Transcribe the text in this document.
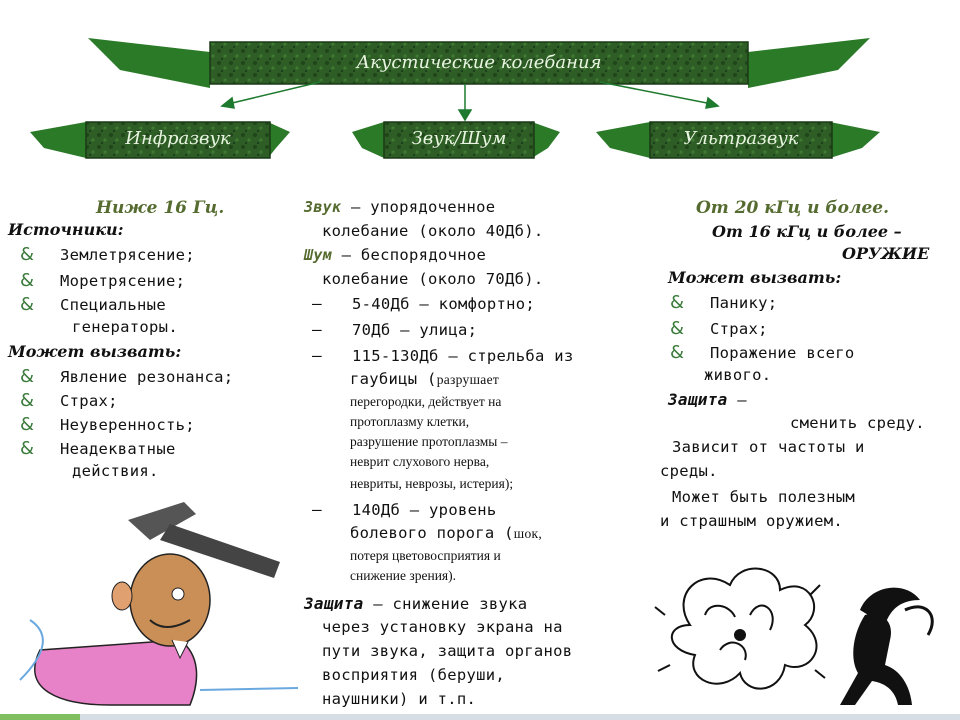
Акустические колебания
Инфразвук	Звук/Шум	Ультразвук
Ниже 16 Гц.
Источники:
& Землетрясение;
& Моретрясение;
& Специальные
генераторы.
Может вызвать:
& Явление резонанса;
& Страх;
& Неуверенность;
& Неадекватные
действия.
Звук – упорядоченное
колебание (около 40Дб).
Шум – беспорядочное
колебание (около 70Дб).
– 5-40Дб – комфортно;
– 70Дб – улица;
– 115-130Дб – стрельба из
гаубицы (разрушает
перегородки, действует на
протоплазму клетки,
разрушение протоплазмы –
неврит слухового нерва,
невриты, неврозы, истерия);
– 140Дб – уровень
болевого порога (шок,
потеря цветовосприятия и
снижение зрения).
Защита – снижение звука
через установку экрана на
пути звука, защита органов
восприятия (беруши,
наушники) и т.п.
От 20 кГц и более.
От 16 кГц и более –
ОРУЖИЕ
Может вызвать:
& Панику;
& Страх;
& Поражение всего
живого.
Защита –
сменить среду.
Зависит от частоты и
среды.
Может быть полезным
и страшным оружием.
